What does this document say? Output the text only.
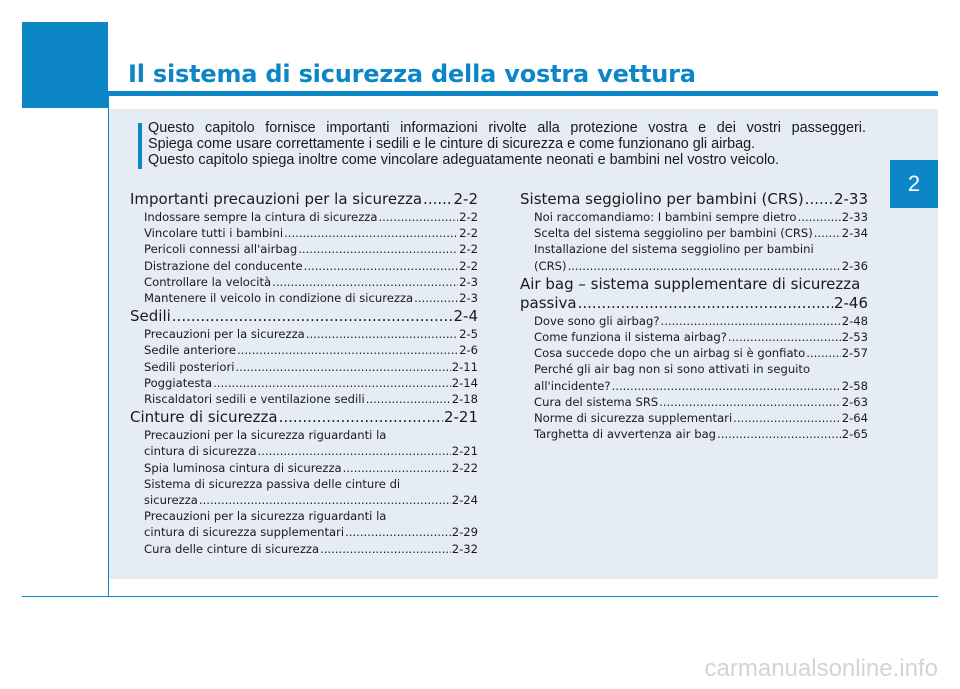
Il sistema di sicurezza della vostra vettura
2
Questo capitolo fornisce importanti informazioni rivolte alla protezione vostra e dei vostri passeggeri.
Spiega come usare correttamente i sedili e le cinture di sicurezza e come funzionano gli airbag.
Questo capitolo spiega inoltre come vincolare adeguatamente neonati e bambini nel vostro veicolo.
Importanti precauzioni per la sicurezza ..... 2-2
Indossare sempre la cintura di sicurezza .....	2-2
Vincolare tutti i bambini .....	2-2
Pericoli connessi all'airbag .....	2-2
Distrazione del conducente .....	2-2
Controllare la velocità .....	2-3
Mantenere il veicolo in condizione di sicurezza .....	2-3
Sedili .....	2-4
Precauzioni per la sicurezza .....	2-5
Sedile anteriore .....	2-6
Sedili posteriori .....	2-11
Poggiatesta .....	2-14
Riscaldatori sedili e ventilazione sedili .....	2-18
Cinture di sicurezza .....	2-21
Precauzioni per la sicurezza riguardanti la
cintura di sicurezza .....	2-21
Spia luminosa cintura di sicurezza .....	2-22
Sistema di sicurezza passiva delle cinture di
sicurezza .....	2-24
Precauzioni per la sicurezza riguardanti la
cintura di sicurezza supplementari .....	2-29
Cura delle cinture di sicurezza .....	2-32
Sistema seggiolino per bambini (CRS) ..... 2-33
Noi raccomandiamo: I bambini sempre dietro .....	2-33
Scelta del sistema seggiolino per bambini (CRS) ..... 2-34
Installazione del sistema seggiolino per bambini
(CRS) .....	2-36
Air bag – sistema supplementare di sicurezza
passiva .....	2-46
Dove sono gli airbag? .....	2-48
Come funziona il sistema airbag? .....	2-53
Cosa succede dopo che un airbag si è gonfiato .....	2-57
Perché gli air bag non si sono attivati in seguito
all'incidente? .....	2-58
Cura del sistema SRS .....	2-63
Norme di sicurezza supplementari .....	2-64
Targhetta di avvertenza air bag .....	2-65
carmanualsonline.info
